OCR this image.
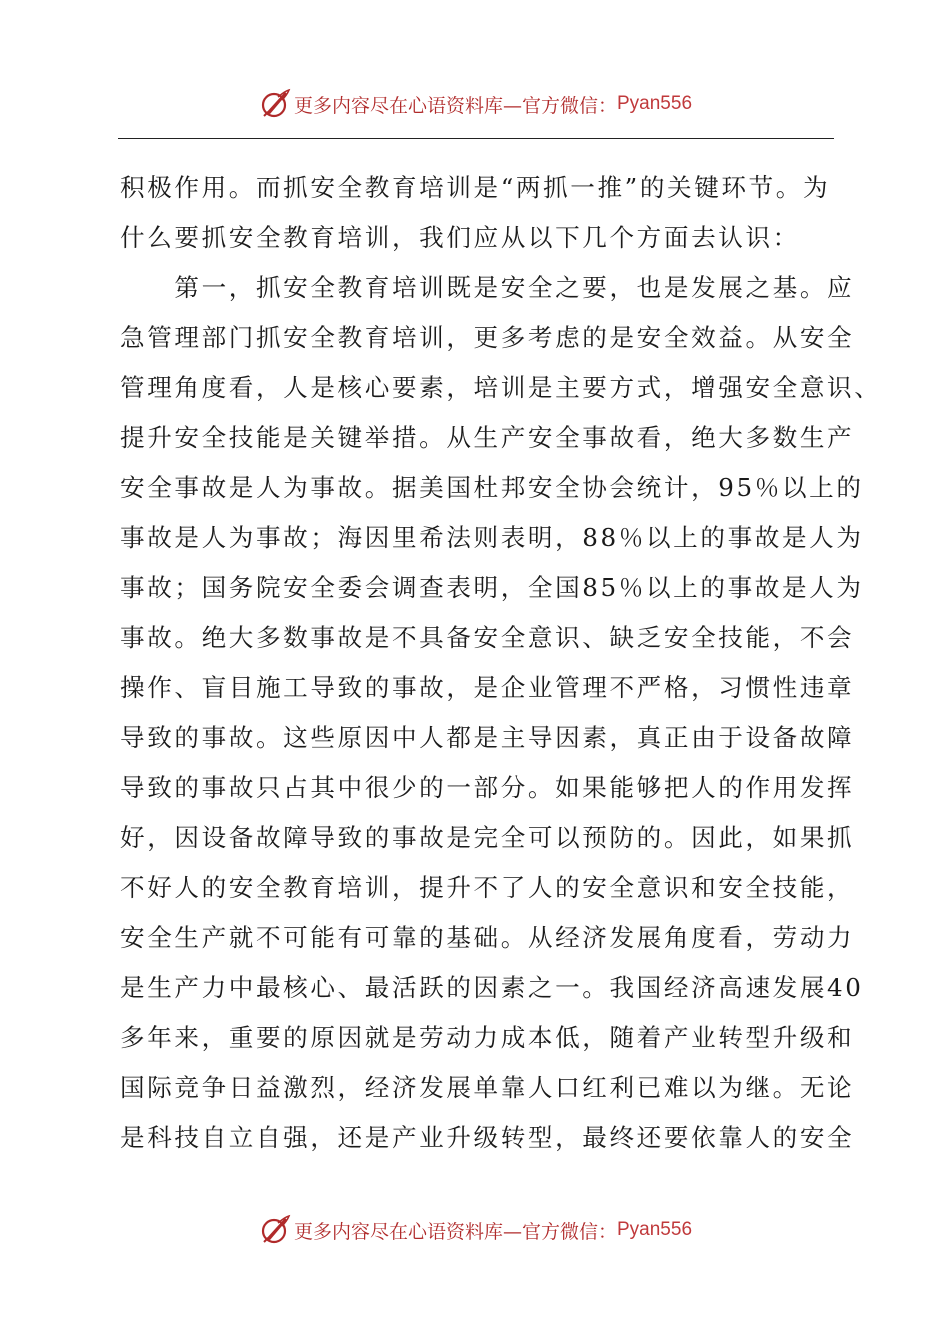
更多内容尽在心语资料库—官方微信： Pyan556
积极作用。而抓安全教育培训是“两抓一推”的关键环节。为
什么要抓安全教育培训，我们应从以下几个方面去认识：
　　第一，抓安全教育培训既是安全之要，也是发展之基。应
急管理部门抓安全教育培训，更多考虑的是安全效益。从安全
管理角度看，人是核心要素，培训是主要方式，增强安全意识、
提升安全技能是关键举措。从生产安全事故看，绝大多数生产
安全事故是人为事故。据美国杜邦安全协会统计，95％以上的
事故是人为事故；海因里希法则表明，88％以上的事故是人为
事故；国务院安全委会调查表明，全国85％以上的事故是人为
事故。绝大多数事故是不具备安全意识、缺乏安全技能，不会
操作、盲目施工导致的事故，是企业管理不严格，习惯性违章
导致的事故。这些原因中人都是主导因素，真正由于设备故障
导致的事故只占其中很少的一部分。如果能够把人的作用发挥
好，因设备故障导致的事故是完全可以预防的。因此，如果抓
不好人的安全教育培训，提升不了人的安全意识和安全技能，
安全生产就不可能有可靠的基础。从经济发展角度看，劳动力
是生产力中最核心、最活跃的因素之一。我国经济高速发展40
多年来，重要的原因就是劳动力成本低，随着产业转型升级和
国际竞争日益激烈，经济发展单靠人口红利已难以为继。无论
是科技自立自强，还是产业升级转型，最终还要依靠人的安全
更多内容尽在心语资料库—官方微信： Pyan556
